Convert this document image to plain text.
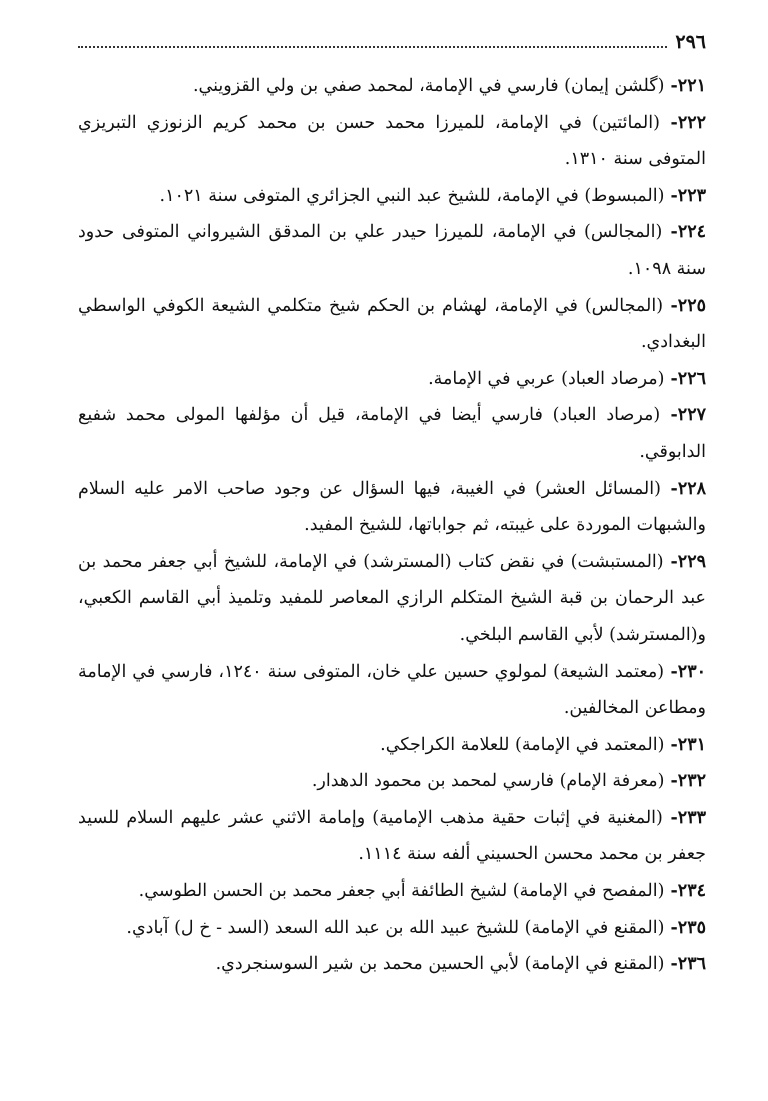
٢٩٦

٢٢١- (گلشن إيمان) فارسي في الإمامة، لمحمد صفي بن ولي القزويني.

٢٢٢- (المائتين) في الإمامة، للميرزا محمد حسن بن محمد كريم الزنوزي التبريزي المتوفى سنة ١٣١٠.

٢٢٣- (المبسوط) في الإمامة، للشيخ عبد النبي الجزائري المتوفى سنة ١٠٢١.

٢٢٤- (المجالس) في الإمامة، للميرزا حيدر علي بن المدقق الشيرواني المتوفى حدود سنة ١٠٩٨.

٢٢٥- (المجالس) في الإمامة، لهشام بن الحكم شيخ متكلمي الشيعة الكوفي الواسطي البغدادي.

٢٢٦- (مرصاد العباد) عربي في الإمامة.

٢٢٧- (مرصاد العباد) فارسي أيضا في الإمامة، قيل أن مؤلفها المولى محمد شفيع الدابوقي.

٢٢٨- (المسائل العشر) في الغيبة، فيها السؤال عن وجود صاحب الامر عليه السلام والشبهات الموردة على غيبته، ثم جواباتها، للشيخ المفيد.

٢٢٩- (المستبشت) في نقض كتاب (المسترشد) في الإمامة، للشيخ أبي جعفر محمد بن عبد الرحمان بن قبة الشيخ المتكلم الرازي المعاصر للمفيد وتلميذ أبي القاسم الكعبي، و(المسترشد) لأبي القاسم البلخي.

٢٣٠- (معتمد الشيعة) لمولوي حسين علي خان، المتوفى سنة ١٢٤٠، فارسي في الإمامة ومطاعن المخالفين.

٢٣١- (المعتمد في الإمامة) للعلامة الكراجكي.

٢٣٢- (معرفة الإمام) فارسي لمحمد بن محمود الدهدار.

٢٣٣- (المغنية في إثبات حقية مذهب الإمامية) وإمامة الاثني عشر عليهم السلام للسيد جعفر بن محمد محسن الحسيني ألفه سنة ١١١٤.

٢٣٤- (المفصح في الإمامة) لشيخ الطائفة أبي جعفر محمد بن الحسن الطوسي.

٢٣٥- (المقنع في الإمامة) للشيخ عبيد الله بن عبد الله السعد (السد - خ ل) آبادي.

٢٣٦- (المقنع في الإمامة) لأبي الحسين محمد بن شير السوسنجردي.
